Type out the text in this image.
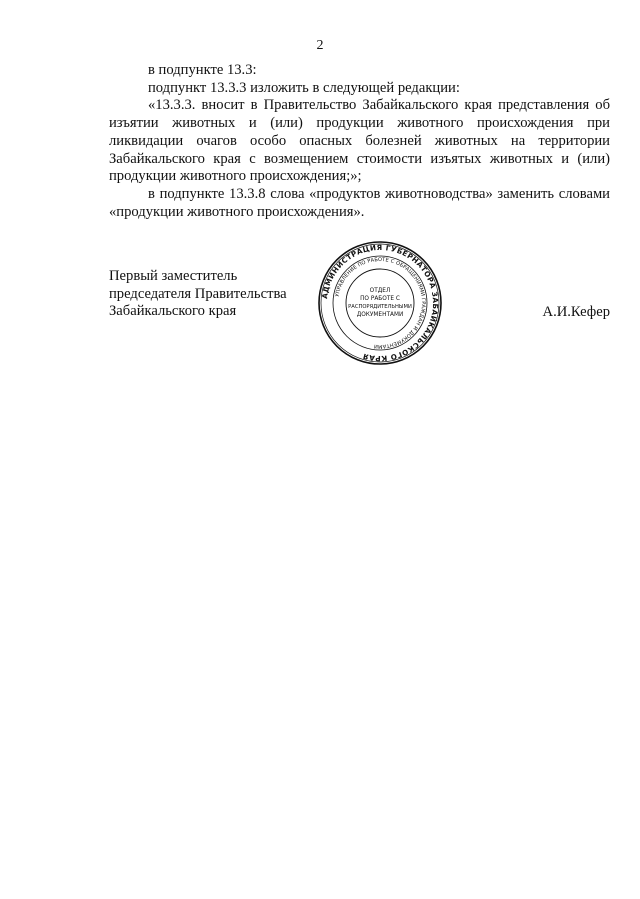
2

в подпункте 13.3:

подпункт 13.3.3 изложить в следующей редакции:

«13.3.3. вносит в Правительство Забайкальского края представления об изъятии животных и (или) продукции животного происхождения при ликвидации очагов особо опасных болезней животных на территории Забайкальского края с возмещением стоимости изъятых животных и (или) продукции животного происхождения;»;

в подпункте 13.3.8 слова «продуктов животноводства» заменить словами «продукции животного происхождения».

Первый заместитель
председателя Правительства
Забайкальского края	А.И.Кефер
АДМИНИСТРАЦИЯ ГУБЕРНАТОРА ЗАБАЙКАЛЬСКОГО КРАЯ
УПРАВЛЕНИЕ ПО РАБОТЕ С ОБРАЩЕНИЯМИ ГРАЖДАН И ДОКУМЕНТАМИ
ОТДЕЛ
ПО РАБОТЕ С
РАСПОРЯДИТЕЛЬНЫМИ
ДОКУМЕНТАМИ
